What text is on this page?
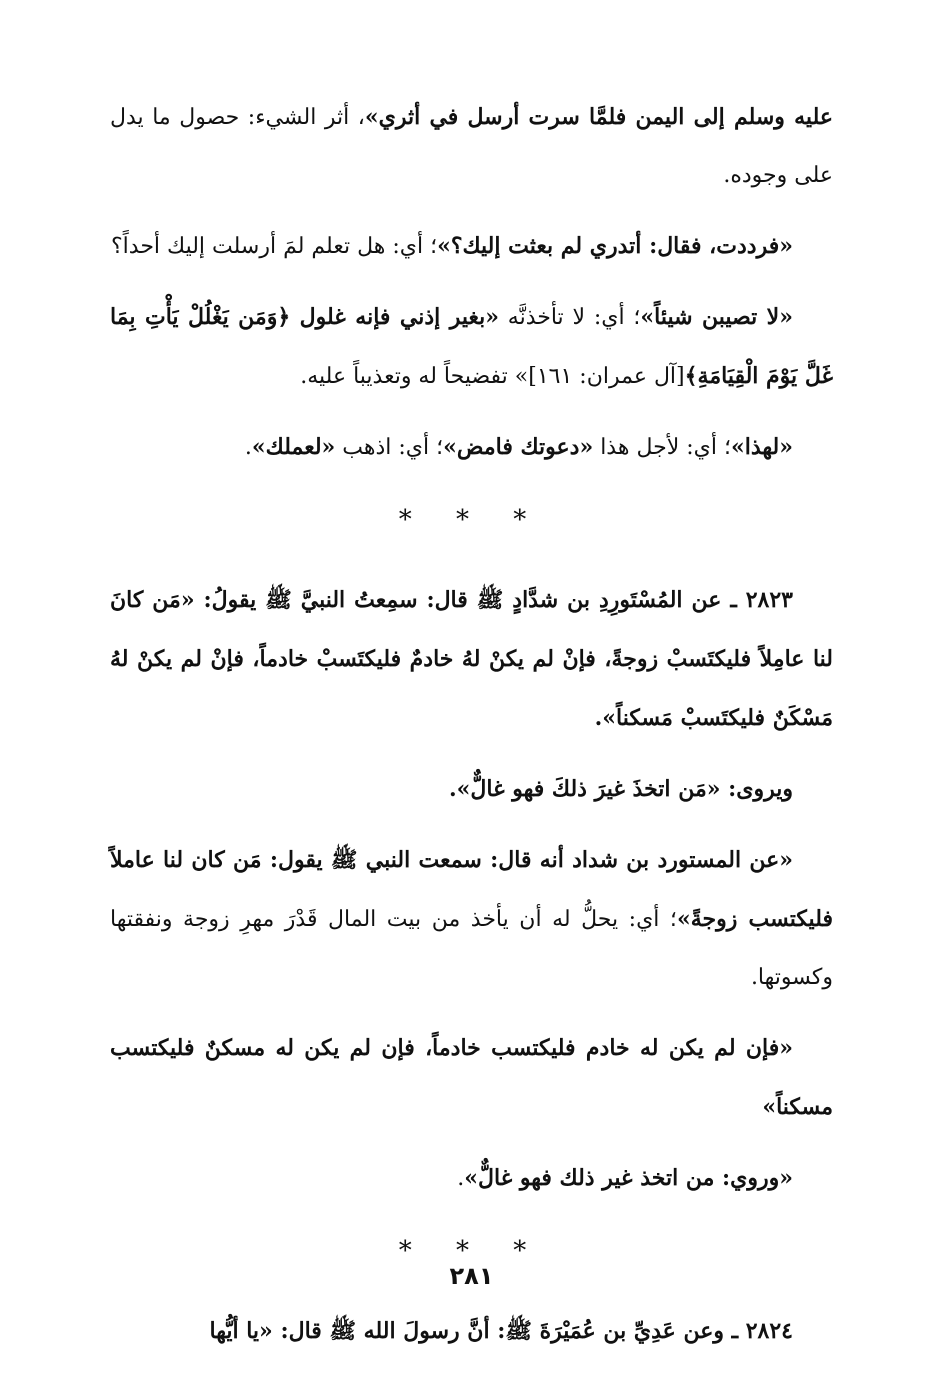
عليه وسلم إلى اليمن فلمَّا سرت أرسل في أثري»، أثر الشيء: حصول ما يدل على وجوده.

«فرددت، فقال: أتدري لم بعثت إليك؟»؛ أي: هل تعلم لمَ أرسلت إليك أحداً؟

«لا تصيبن شيئاً»؛ أي: لا تأخذنَّه «بغير إذني فإنه غلول ﴿وَمَن يَغْلُلْ يَأْتِ بِمَا غَلَّ يَوْمَ الْقِيَامَةِ﴾[آل عمران: ١٦١]» تفضيحاً له وتعذيباً عليه.

«لهذا»؛ أي: لأجل هذا «دعوتك فامض»؛ أي: اذهب «لعملك».

* * *

٢٨٢٣ ـ عن المُسْتَورِدِ بن شدَّادٍ ﷺ قال: سمِعتُ النبيَّ ﷺ يقولُ: «مَن كانَ لنا عامِلاً فليكتَسبْ زوجةً، فإنْ لم يكنْ لهُ خادمٌ فليكتَسبْ خادماً، فإنْ لم يكنْ لهُ مَسْكَنٌ فليكتَسبْ مَسكناً».

ويروى: «مَن اتخذَ غيرَ ذلكَ فهو غالٌّ».

«عن المستورد بن شداد أنه قال: سمعت النبي ﷺ يقول: مَن كان لنا عاملاً فليكتسب زوجةً»؛ أي: يحلُّ له أن يأخذ من بيت المال قَدْرَ مهرِ زوجة ونفقتها وكسوتها.

«فإن لم يكن له خادم فليكتسب خادماً، فإن لم يكن له مسكنٌ فليكتسب مسكناً»

«وروي: من اتخذ غير ذلك فهو غالٌّ».

* * *

٢٨٢٤ ـ وعن عَدِيِّ بن عُمَيْرَةَ ﷺ: أنَّ رسولَ الله ﷺ قال: «يا أيُّها

٢٨١
